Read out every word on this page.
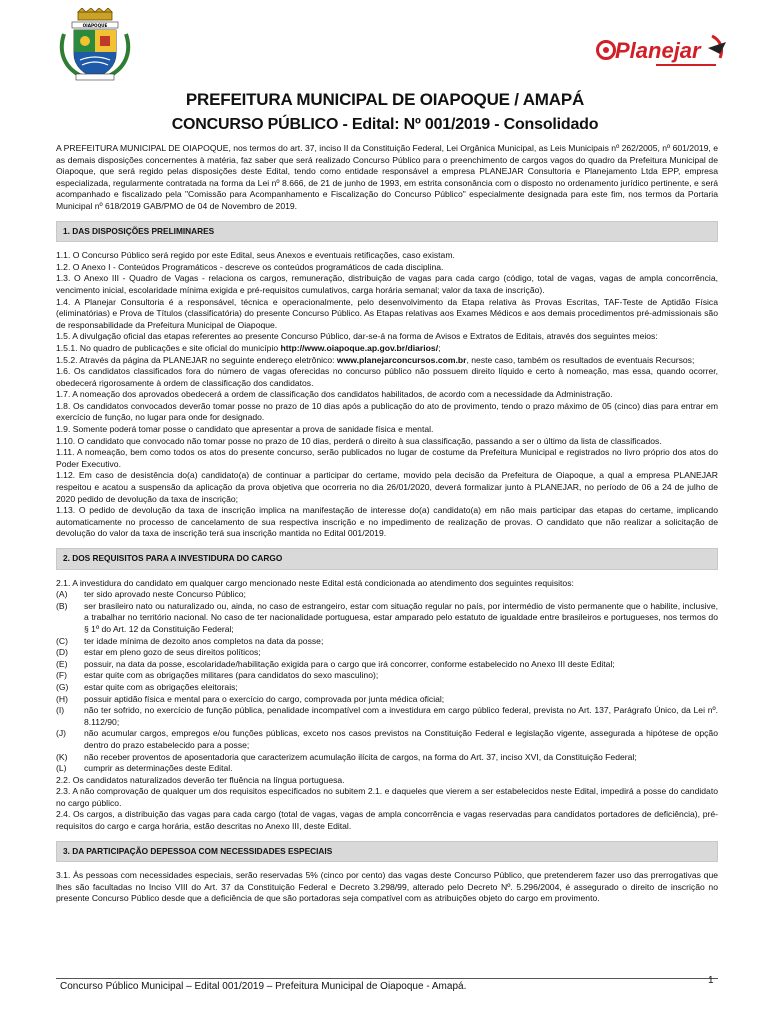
OIAPOQUE
Planejar
PREFEITURA MUNICIPAL DE OIAPOQUE / AMAPÁ
CONCURSO PÚBLICO - Edital: Nº 001/2019 - Consolidado

A PREFEITURA MUNICIPAL DE OIAPOQUE, nos termos do art. 37, inciso II da Constituição Federal, Lei Orgânica Municipal, as Leis Municipais nº 262/2005, nº 601/2019, e as demais disposições concernentes à matéria, faz saber que será realizado Concurso Público para o preenchimento de cargos vagos do quadro da Prefeitura Municipal de Oiapoque, que será regido pelas disposições deste Edital, tendo como entidade responsável a empresa PLANEJAR Consultoria e Planejamento Ltda EPP, empresa especializada, regularmente contratada na forma da Lei nº 8.666, de 21 de junho de 1993, em estrita consonância com o disposto no ordenamento jurídico pertinente, e será acompanhado e fiscalizado pela "Comissão para Acompanhamento e Fiscalização do Concurso Público" especialmente designada para este fim, nos termos da Portaria Municipal nº 618/2019 GAB/PMO de 04 de Novembro de 2019.

1. DAS DISPOSIÇÕES PRELIMINARES

1.1. O Concurso Público será regido por este Edital, seus Anexos e eventuais retificações, caso existam.

1.2. O Anexo I - Conteúdos Programáticos - descreve os conteúdos programáticos de cada disciplina.

1.3. O Anexo III - Quadro de Vagas - relaciona os cargos, remuneração, distribuição de vagas para cada cargo (código, total de vagas, vagas de ampla concorrência, vencimento inicial, escolaridade mínima exigida e pré-requisitos cumulativos, carga horária semanal; valor da taxa de inscrição).

1.4. A Planejar Consultoria é a responsável, técnica e operacionalmente, pelo desenvolvimento da Etapa relativa às Provas Escritas, TAF-Teste de Aptidão Física (eliminatórias) e Prova de Títulos (classificatória) do presente Concurso Público. As Etapas relativas aos Exames Médicos e aos demais procedimentos pré-admissionais são de responsabilidade da Prefeitura Municipal de Oiapoque.

1.5. A divulgação oficial das etapas referentes ao presente Concurso Público, dar-se-á na forma de Avisos e Extratos de Editais, através dos seguintes meios:

1.5.1. No quadro de publicações e site oficial do município http://www.oiapoque.ap.gov.br/diarios/;

1.5.2. Através da página da PLANEJAR no seguinte endereço eletrônico: www.planejarconcursos.com.br, neste caso, também os resultados de eventuais Recursos;

1.6. Os candidatos classificados fora do número de vagas oferecidas no concurso público não possuem direito líquido e certo à nomeação, mas essa, quando ocorrer, obedecerá rigorosamente à ordem de classificação dos candidatos.

1.7. A nomeação dos aprovados obedecerá a ordem de classificação dos candidatos habilitados, de acordo com a necessidade da Administração.

1.8. Os candidatos convocados deverão tomar posse no prazo de 10 dias após a publicação do ato de provimento, tendo o prazo máximo de 05 (cinco) dias para entrar em exercício de função, no lugar para onde for designado.

1.9. Somente poderá tomar posse o candidato que apresentar a prova de sanidade física e mental.

1.10. O candidato que convocado não tomar posse no prazo de 10 dias, perderá o direito à sua classificação, passando a ser o último da lista de classificados.

1.11. A nomeação, bem como todos os atos do presente concurso, serão publicados no lugar de costume da Prefeitura Municipal e registrados no livro próprio dos atos do Poder Executivo.

1.12. Em caso de desistência do(a) candidato(a) de continuar a participar do certame, movido pela decisão da Prefeitura de Oiapoque, a qual a empresa PLANEJAR respeitou e acatou a suspensão da aplicação da prova objetiva que ocorreria no dia 26/01/2020, deverá formalizar junto à PLANEJAR, no período de 06 a 24 de julho de 2020 pedido de devolução da taxa de inscrição;

1.13. O pedido de devolução da taxa de inscrição implica na manifestação de interesse do(a) candidato(a) em não mais participar das etapas do certame, implicando automaticamente no processo de cancelamento de sua respectiva inscrição e no impedimento de realização de provas. O candidato que não realizar a solicitação de devolução do valor da taxa de inscrição terá sua inscrição mantida no Edital 001/2019.

2. DOS REQUISITOS PARA A INVESTIDURA DO CARGO

2.1. A investidura do candidato em qualquer cargo mencionado neste Edital está condicionada ao atendimento dos seguintes requisitos:

(A)	ter sido aprovado neste Concurso Público;
(B)	ser brasileiro nato ou naturalizado ou, ainda, no caso de estrangeiro, estar com situação regular no país, por intermédio de visto permanente que o habilite, inclusive, a trabalhar no território nacional. No caso de ter nacionalidade portuguesa, estar amparado pelo estatuto de igualdade entre brasileiros e portugueses, nos termos do § 1º do Art. 12 da Constituição Federal;
(C)	ter idade mínima de dezoito anos completos na data da posse;
(D)	estar em pleno gozo de seus direitos políticos;
(E)	possuir, na data da posse, escolaridade/habilitação exigida para o cargo que irá concorrer, conforme estabelecido no Anexo III deste Edital;
(F)	estar quite com as obrigações militares (para candidatos do sexo masculino);
(G)	estar quite com as obrigações eleitorais;
(H)	possuir aptidão física e mental para o exercício do cargo, comprovada por junta médica oficial;
(I)	não ter sofrido, no exercício de função pública, penalidade incompatível com a investidura em cargo público federal, prevista no Art. 137, Parágrafo Único, da Lei nº. 8.112/90;
(J)	não acumular cargos, empregos e/ou funções públicas, exceto nos casos previstos na Constituição Federal e legislação vigente, assegurada a hipótese de opção dentro do prazo estabelecido para a posse;
(K)	não receber proventos de aposentadoria que caracterizem acumulação ilícita de cargos, na forma do Art. 37, inciso XVI, da Constituição Federal;
(L)	cumprir as determinações deste Edital.

2.2. Os candidatos naturalizados deverão ter fluência na língua portuguesa.

2.3. A não comprovação de qualquer um dos requisitos especificados no subitem 2.1. e daqueles que vierem a ser estabelecidos neste Edital, impedirá a posse do candidato no cargo público.

2.4. Os cargos, a distribuição das vagas para cada cargo (total de vagas, vagas de ampla concorrência e vagas reservadas para candidatos portadores de deficiência), pré-requisitos do cargo e carga horária, estão descritas no Anexo III, deste Edital.

3. DA PARTICIPAÇÃO DEPESSOA COM NECESSIDADES ESPECIAIS

3.1. Às pessoas com necessidades especiais, serão reservadas 5% (cinco por cento) das vagas deste Concurso Público, que pretenderem fazer uso das prerrogativas que lhes são facultadas no Inciso VIII do Art. 37 da Constituição Federal e Decreto 3.298/99, alterado pelo Decreto Nº. 5.296/2004, é assegurado o direito de inscrição no presente Concurso Público desde que a deficiência de que são portadoras seja compatível com as atribuições objeto do cargo em provimento.

Concurso Público Municipal – Edital 001/2019 – Prefeitura Municipal de Oiapoque - Amapá.
1
